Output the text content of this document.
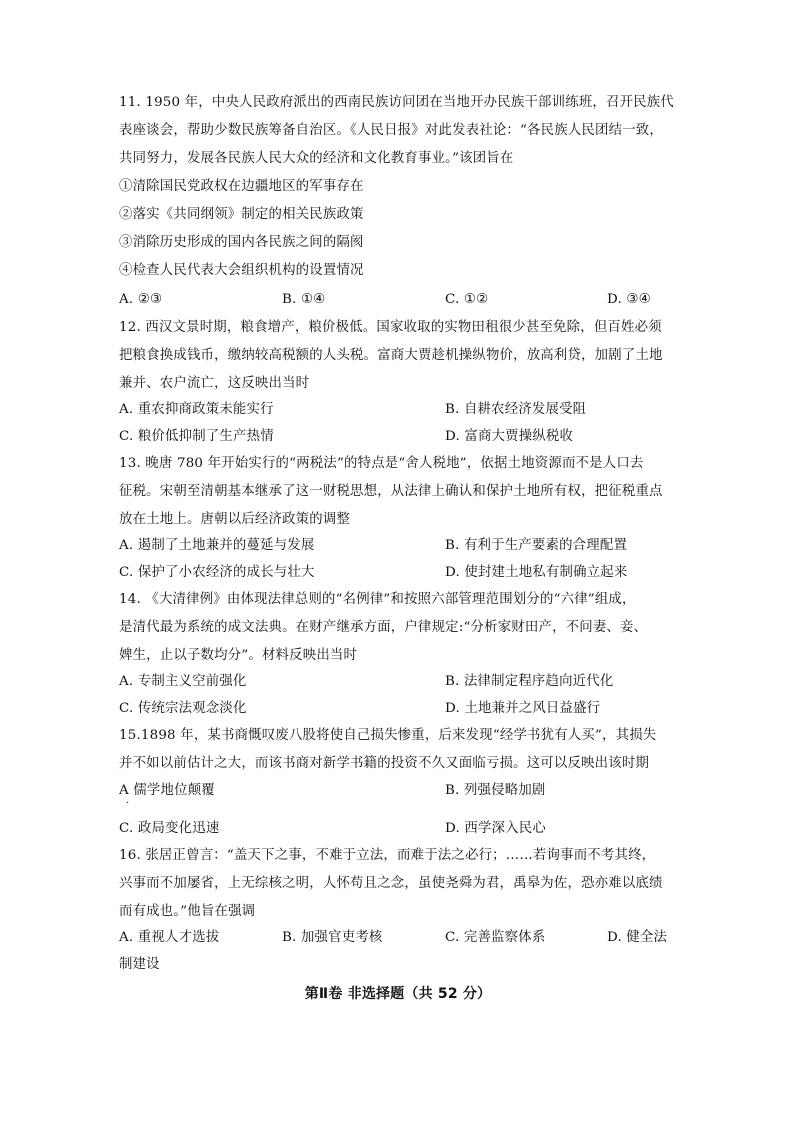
11. 1950 年，中央人民政府派出的西南民族访问团在当地开办民族干部训练班，召开民族代
表座谈会，帮助少数民族筹备自治区。《人民日报》对此发表社论：“各民族人民团结一致，
共同努力，发展各民族人民大众的经济和文化教育事业。”该团旨在
①清除国民党政权在边疆地区的军事存在
②落实《共同纲领》制定的相关民族政策
③消除历史形成的国内各民族之间的隔阂
④检查人民代表大会组织机构的设置情况
A. ②③	B. ①④	C. ①②	D. ③④
12. 西汉文景时期，粮食增产，粮价极低。国家收取的实物田租很少甚至免除，但百姓必须
把粮食换成钱币，缴纳较高税额的人头税。富商大贾趁机操纵物价，放高利贷，加剧了土地
兼并、农户流亡，这反映出当时
A. 重农抑商政策未能实行	B. 自耕农经济发展受阻
C. 粮价低抑制了生产热情	D. 富商大贾操纵税收
13. 晚唐 780 年开始实行的“两税法”的特点是“舍人税地”，依据土地资源而不是人口去
征税。宋朝至清朝基本继承了这一财税思想，从法律上确认和保护土地所有权，把征税重点
放在土地上。唐朝以后经济政策的调整
A. 遏制了土地兼并的蔓延与发展	B. 有利于生产要素的合理配置
C. 保护了小农经济的成长与壮大	D. 使封建土地私有制确立起来
14. 《大清律例》由体现法律总则的“名例律”和按照六部管理范围划分的“六律”组成，
是清代最为系统的成文法典。在财产继承方面，户律规定:“分析家财田产，不问妻、妾、
婢生，止以子数均分”。材料反映出当时
A. 专制主义空前强化	B. 法律制定程序趋向近代化
C. 传统宗法观念淡化	D. 土地兼并之风日益盛行
15.1898 年，某书商慨叹废八股将使自己损失惨重，后来发现“经学书犹有人买”，其损失
并不如以前估计之大，而该书商对新学书籍的投资不久又面临亏损。这可以反映出该时期
A 儒学地位颠覆	B. 列强侵略加剧
·
C. 政局变化迅速	D. 西学深入民心
16. 张居正曾言：“盖天下之事，不难于立法，而难于法之必行；……若询事而不考其终，
兴事而不加屡省，上无综核之明，人怀苟且之念，虽使尧舜为君，禹皋为佐，恐亦难以底绩
而有成也。”他旨在强调
A. 重视人才选拔	B. 加强官吏考核	C. 完善监察体系	D. 健全法
制建设
第Ⅱ卷 非选择题（共 52 分）
